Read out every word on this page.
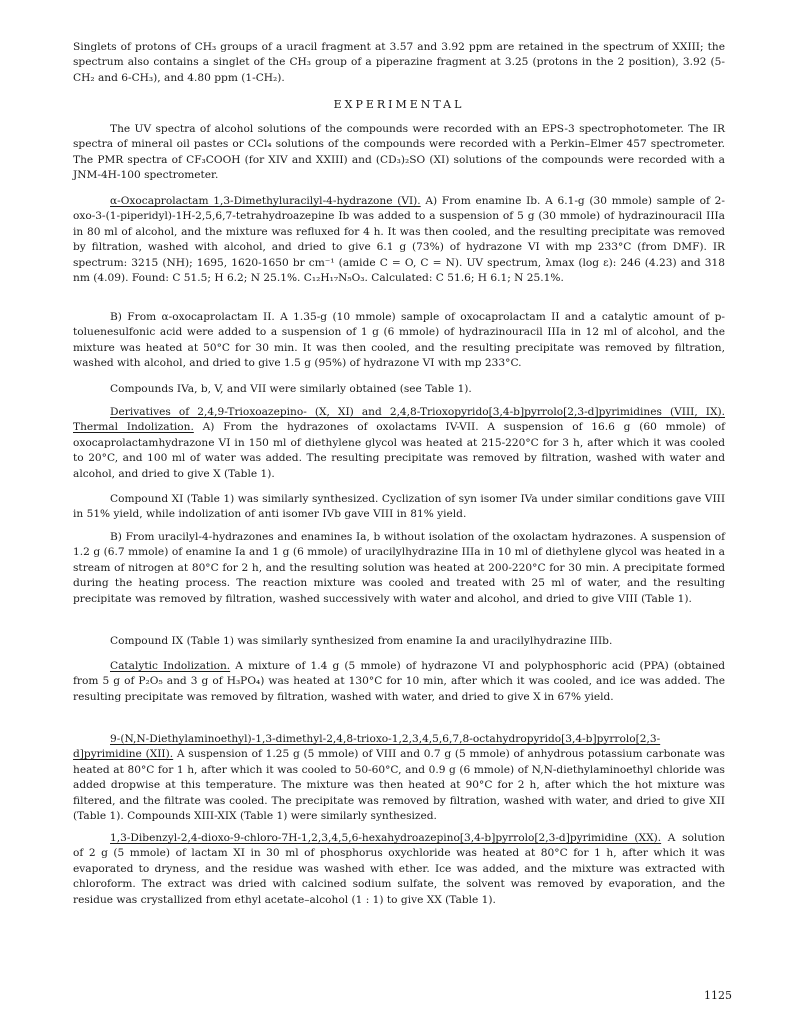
Singlets of protons of CH₃ groups of a uracil fragment at 3.57 and 3.92 ppm are retained in the spectrum of XXIII; the spectrum also contains a singlet of the CH₃ group of a piperazine fragment at 3.25 (protons in the 2 position), 3.92 (5-CH₂ and 6-CH₃), and 4.80 ppm (1-CH₂).

EXPERIMENTAL

The UV spectra of alcohol solutions of the compounds were recorded with an EPS-3 spectrophotometer. The IR spectra of mineral oil pastes or CCl₄ solutions of the compounds were recorded with a Perkin–Elmer 457 spectrometer. The PMR spectra of CF₃COOH (for XIV and XXIII) and (CD₃)₂SO (XI) solutions of the compounds were recorded with a JNM-4H-100 spectrometer.

α-Oxocaprolactam 1,3-Dimethyluracilyl-4-hydrazone (VI). A) From enamine Ib. A 6.1-g (30 mmole) sample of 2-oxo-3-(1-piperidyl)-1H-2,5,6,7-tetrahydroazepine Ib was added to a suspension of 5 g (30 mmole) of hydrazinouracil IIIa in 80 ml of alcohol, and the mixture was refluxed for 4 h. It was then cooled, and the resulting precipitate was removed by filtration, washed with alcohol, and dried to give 6.1 g (73%) of hydrazone VI with mp 233°C (from DMF). IR spectrum: 3215 (NH); 1695, 1620-1650 br cm⁻¹ (amide C = O, C = N). UV spectrum, λmax (log ε): 246 (4.23) and 318 nm (4.09). Found: C 51.5; H 6.2; N 25.1%. C₁₂H₁₇N₅O₃. Calculated: C 51.6; H 6.1; N 25.1%.

B) From α-oxocaprolactam II. A 1.35-g (10 mmole) sample of oxocaprolactam II and a catalytic amount of p-toluenesulfonic acid were added to a suspension of 1 g (6 mmole) of hydrazinouracil IIIa in 12 ml of alcohol, and the mixture was heated at 50°C for 30 min. It was then cooled, and the resulting precipitate was removed by filtration, washed with alcohol, and dried to give 1.5 g (95%) of hydrazone VI with mp 233°C.

Compounds IVa, b, V, and VII were similarly obtained (see Table 1).

Derivatives of 2,4,9-Trioxoazepino- (X, XI) and 2,4,8-Trioxopyrido[3,4-b]pyrrolo[2,3-d]pyrimidines (VIII, IX). Thermal Indolization. A) From the hydrazones of oxolactams IV-VII. A suspension of 16.6 g (60 mmole) of oxocaprolactamhydrazone VI in 150 ml of diethylene glycol was heated at 215-220°C for 3 h, after which it was cooled to 20°C, and 100 ml of water was added. The resulting precipitate was removed by filtration, washed with water and alcohol, and dried to give X (Table 1).

Compound XI (Table 1) was similarly synthesized. Cyclization of syn isomer IVa under similar conditions gave VIII in 51% yield, while indolization of anti isomer IVb gave VIII in 81% yield.

B) From uracilyl-4-hydrazones and enamines Ia, b without isolation of the oxolactam hydrazones. A suspension of 1.2 g (6.7 mmole) of enamine Ia and 1 g (6 mmole) of uracilylhydrazine IIIa in 10 ml of diethylene glycol was heated in a stream of nitrogen at 80°C for 2 h, and the resulting solution was heated at 200-220°C for 30 min. A precipitate formed during the heating process. The reaction mixture was cooled and treated with 25 ml of water, and the resulting precipitate was removed by filtration, washed successively with water and alcohol, and dried to give VIII (Table 1).

Compound IX (Table 1) was similarly synthesized from enamine Ia and uracilylhydrazine IIIb.

Catalytic Indolization. A mixture of 1.4 g (5 mmole) of hydrazone VI and polyphosphoric acid (PPA) (obtained from 5 g of P₂O₅ and 3 g of H₃PO₄) was heated at 130°C for 10 min, after which it was cooled, and ice was added. The resulting precipitate was removed by filtration, washed with water, and dried to give X in 67% yield.

9-(N,N-Diethylaminoethyl)-1,3-dimethyl-2,4,8-trioxo-1,2,3,4,5,6,7,8-octahydropyrido[3,4-b]pyrrolo[2,3-d]pyrimidine (XII). A suspension of 1.25 g (5 mmole) of VIII and 0.7 g (5 mmole) of anhydrous potassium carbonate was heated at 80°C for 1 h, after which it was cooled to 50-60°C, and 0.9 g (6 mmole) of N,N-diethylaminoethyl chloride was added dropwise at this temperature. The mixture was then heated at 90°C for 2 h, after which the hot mixture was filtered, and the filtrate was cooled. The precipitate was removed by filtration, washed with water, and dried to give XII (Table 1). Compounds XIII-XIX (Table 1) were similarly synthesized.

1,3-Dibenzyl-2,4-dioxo-9-chloro-7H-1,2,3,4,5,6-hexahydroazepino[3,4-b]pyrrolo[2,3-d]pyrimidine (XX). A solution of 2 g (5 mmole) of lactam XI in 30 ml of phosphorus oxychloride was heated at 80°C for 1 h, after which it was evaporated to dryness, and the residue was washed with ether. Ice was added, and the mixture was extracted with chloroform. The extract was dried with calcined sodium sulfate, the solvent was removed by evaporation, and the residue was crystallized from ethyl acetate–alcohol (1 : 1) to give XX (Table 1).

1125
